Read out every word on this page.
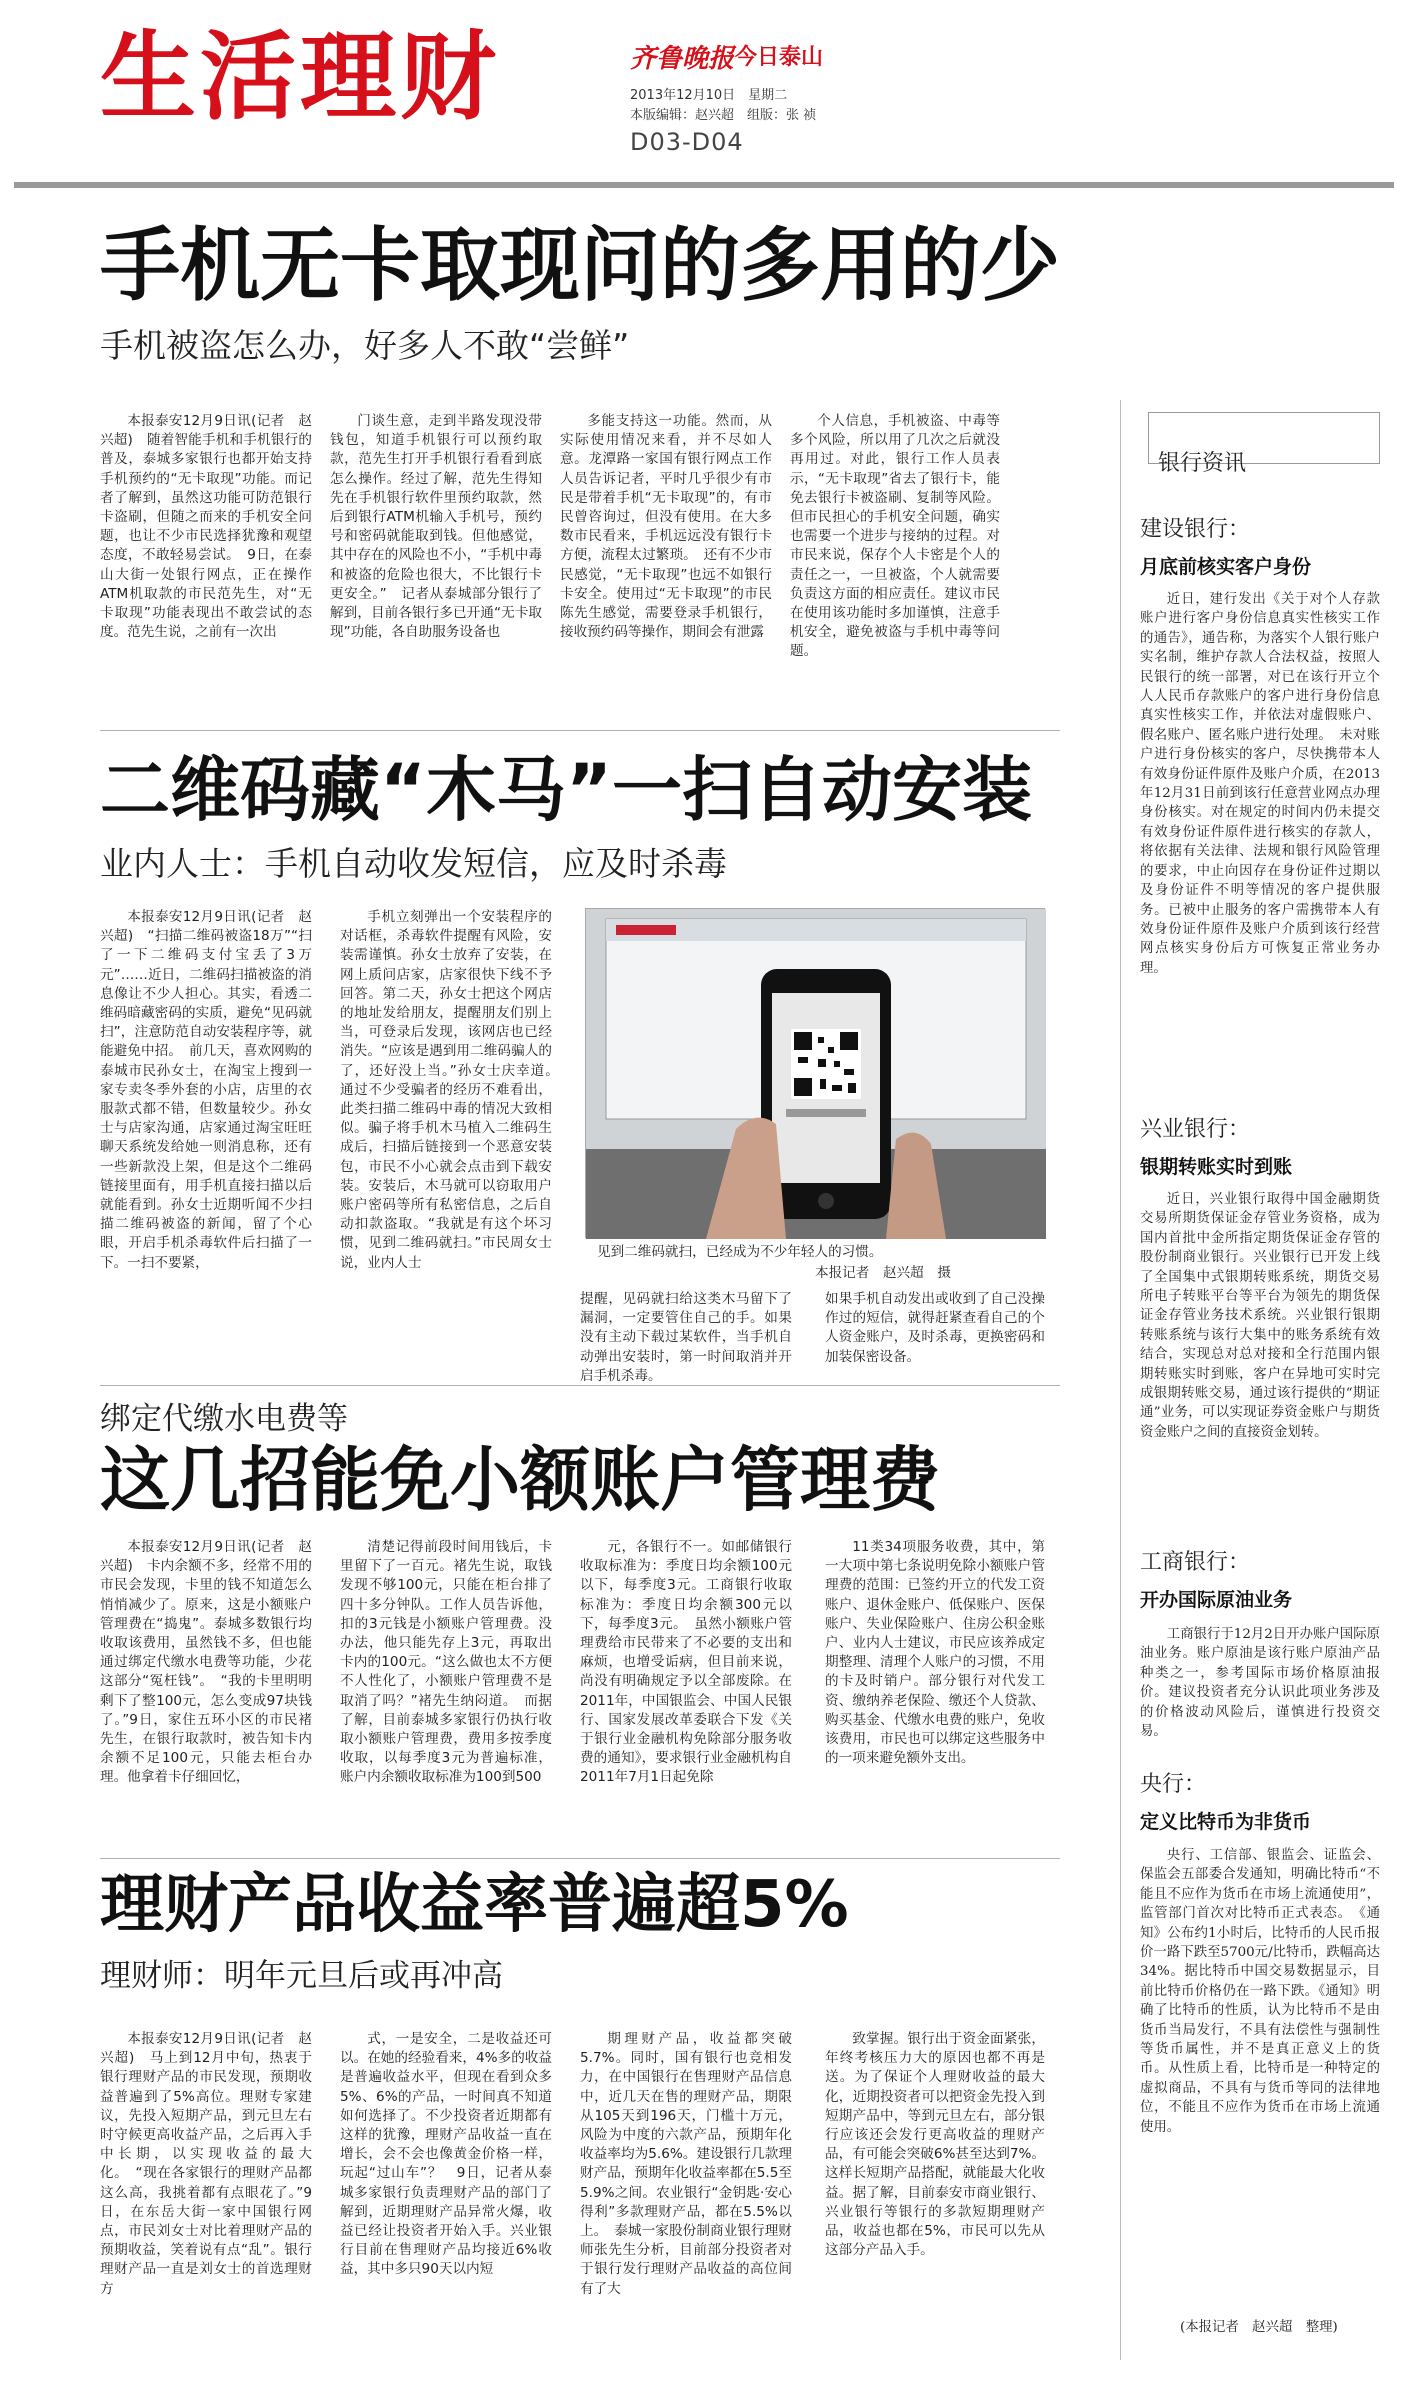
生活理财	齐鲁晚报 今日泰山
2013年12月10日　星期二
本版编辑：赵兴超　组版：张 祯
D03-D04
手机无卡取现问的多用的少
手机被盗怎么办，好多人不敢“尝鲜”

本报泰安12月9日讯(记者　赵兴超)　随着智能手机和手机银行的普及，泰城多家银行也都开始支持手机预约的“无卡取现”功能。而记者了解到，虽然这功能可防范银行卡盗刷，但随之而来的手机安全问题，也让不少市民选择犹豫和观望态度，不敢轻易尝试。　9日，在泰山大街一处银行网点，正在操作ATM机取款的市民范先生，对“无卡取现”功能表现出不敢尝试的态度。范先生说，之前有一次出

门谈生意，走到半路发现没带钱包，知道手机银行可以预约取款，范先生打开手机银行看看到底怎么操作。经过了解，范先生得知先在手机银行软件里预约取款，然后到银行ATM机输入手机号，预约号和密码就能取到钱。但他感觉，其中存在的风险也不小，“手机中毒和被盗的危险也很大，不比银行卡更安全。”　记者从泰城部分银行了解到，目前各银行多已开通“无卡取现”功能，各自助服务设备也

多能支持这一功能。然而，从实际使用情况来看，并不尽如人意。龙潭路一家国有银行网点工作人员告诉记者，平时几乎很少有市民是带着手机“无卡取现”的，有市民曾咨询过，但没有使用。在大多数市民看来，手机远远没有银行卡方便，流程太过繁琐。　还有不少市民感觉，“无卡取现”也远不如银行卡安全。使用过“无卡取现”的市民陈先生感觉，需要登录手机银行，接收预约码等操作，期间会有泄露

个人信息，手机被盗、中毒等多个风险，所以用了几次之后就没再用过。对此，银行工作人员表示，“无卡取现”省去了银行卡，能免去银行卡被盗刷、复制等风险。但市民担心的手机安全问题，确实也需要一个进步与接纳的过程。对市民来说，保存个人卡密是个人的责任之一，一旦被盗，个人就需要负责这方面的相应责任。建议市民在使用该功能时多加谨慎，注意手机安全，避免被盗与手机中毒等问题。

二维码藏“木马”一扫自动安装
业内人士：手机自动收发短信，应及时杀毒

本报泰安12月9日讯(记者　赵兴超)　“扫描二维码被盗18万”“扫了一下二维码支付宝丢了3万元”……近日，二维码扫描被盗的消息像让不少人担心。其实，看透二维码暗藏密码的实质，避免“见码就扫”，注意防范自动安装程序等，就能避免中招。　前几天，喜欢网购的泰城市民孙女士，在淘宝上搜到一家专卖冬季外套的小店，店里的衣服款式都不错，但数量较少。孙女士与店家沟通，店家通过淘宝旺旺聊天系统发给她一则消息称，还有一些新款没上架，但是这个二维码链接里面有，用手机直接扫描以后就能看到。孙女士近期听闻不少扫描二维码被盗的新闻，留了个心眼，开启手机杀毒软件后扫描了一下。一扫不要紧，

手机立刻弹出一个安装程序的对话框，杀毒软件提醒有风险，安装需谨慎。孙女士放弃了安装，在网上质问店家，店家很快下线不予回答。第二天，孙女士把这个网店的地址发给朋友，提醒朋友们别上当，可登录后发现，该网店也已经消失。“应该是遇到用二维码骗人的了，还好没上当。”孙女士庆幸道。　通过不少受骗者的经历不难看出，此类扫描二维码中毒的情况大致相似。骗子将手机木马植入二维码生成后，扫描后链接到一个恶意安装包，市民不小心就会点击到下载安装。安装后，木马就可以窃取用户账户密码等所有私密信息，之后自动扣款盗取。“我就是有这个坏习惯，见到二维码就扫。”市民周女士说，业内人士

见到二维码就扫，已经成为不少年轻人的习惯。
本报记者　赵兴超　摄

提醒，见码就扫给这类木马留下了漏洞，一定要管住自己的手。如果没有主动下载过某软件，当手机自动弹出安装时，第一时间取消并开启手机杀毒。

如果手机自动发出或收到了自己没操作过的短信，就得赶紧查看自己的个人资金账户，及时杀毒，更换密码和加装保密设备。

绑定代缴水电费等
这几招能免小额账户管理费

本报泰安12月9日讯(记者　赵兴超)　卡内余额不多，经常不用的市民会发现，卡里的钱不知道怎么悄悄减少了。原来，这是小额账户管理费在“捣鬼”。泰城多数银行均收取该费用，虽然钱不多，但也能通过绑定代缴水电费等功能，少花这部分“冤枉钱”。　“我的卡里明明剩下了整100元，怎么变成97块钱了。”9日，家住五环小区的市民褚先生，在银行取款时，被告知卡内余额不足100元，只能去柜台办理。他拿着卡仔细回忆，

清楚记得前段时间用钱后，卡里留下了一百元。褚先生说，取钱发现不够100元，只能在柜台排了四十多分钟队。工作人员告诉他，扣的3元钱是小额账户管理费。没办法，他只能先存上3元，再取出卡内的100元。“这么做也太不方便不人性化了，小额账户管理费不是取消了吗？”褚先生纳闷道。　而据了解，目前泰城多家银行仍执行收取小额账户管理费，费用多按季度收取，以每季度3元为普遍标准，账户内余额收取标准为100到500

元，各银行不一。如邮储银行收取标准为：季度日均余额100元以下，每季度3元。工商银行收取标准为：季度日均余额300元以下，每季度3元。　虽然小额账户管理费给市民带来了不必要的支出和麻烦，也增受诟病，但目前来说，尚没有明确规定予以全部废除。在2011年，中国银监会、中国人民银行、国家发展改革委联合下发《关于银行业金融机构免除部分服务收费的通知》，要求银行业金融机构自2011年7月1日起免除

11类34项服务收费，其中，第一大项中第七条说明免除小额账户管理费的范围：已签约开立的代发工资账户、退休金账户、低保账户、医保账户、失业保险账户、住房公积金账户、业内人士建议，市民应该养成定期整理、清理个人账户的习惯，不用的卡及时销户。部分银行对代发工资、缴纳养老保险、缴还个人贷款、购买基金、代缴水电费的账户，免收该费用，市民也可以绑定这些服务中的一项来避免额外支出。

理财产品收益率普遍超5%
理财师：明年元旦后或再冲高

本报泰安12月9日讯(记者　赵兴超)　马上到12月中旬，热衷于银行理财产品的市民发现，预期收益普遍到了5%高位。理财专家建议，先投入短期产品，到元旦左右时守候更高收益产品，之后再入手中长期，以实现收益的最大化。　“现在各家银行的理财产品都这么高，我挑着都有点眼花了。”9日，在东岳大街一家中国银行网点，市民刘女士对比着理财产品的预期收益，笑着说有点“乱”。银行理财产品一直是刘女士的首选理财方

式，一是安全，二是收益还可以。在她的经验看来，4%多的收益是普遍收益水平，但现在看到众多5%、6%的产品，一时间真不知道如何选择了。不少投资者近期都有这样的犹豫，理财产品收益一直在增长，会不会也像黄金价格一样，玩起“过山车”？　9日，记者从泰城多家银行负责理财产品的部门了解到，近期理财产品异常火爆，收益已经让投资者开始入手。兴业银行目前在售理财产品均接近6%收益，其中多只90天以内短

期理财产品，收益都突破5.7%。同时，国有银行也竞相发力，在中国银行在售理财产品信息中，近几天在售的理财产品，期限从105天到196天，门槛十万元，风险为中度的六款产品，预期年化收益率均为5.6%。建设银行几款理财产品，预期年化收益率都在5.5至5.9%之间。农业银行“金钥匙·安心得利”多款理财产品，都在5.5%以上。　泰城一家股份制商业银行理财师张先生分析，目前部分投资者对于银行发行理财产品收益的高位间有了大

致掌握。银行出于资金面紧张，年终考核压力大的原因也都不再是送。为了保证个人理财收益的最大化，近期投资者可以把资金先投入到短期产品中，等到元旦左右，部分银行应该还会发行更高收益的理财产品，有可能会突破6%甚至达到7%。这样长短期产品搭配，就能最大化收益。据了解，目前泰安市商业银行、兴业银行等银行的多款短期理财产品，收益也都在5%，市民可以先从这部分产品入手。

银行资讯
建设银行：
月底前核实客户身份

近日，建行发出《关于对个人存款账户进行客户身份信息真实性核实工作的通告》，通告称，为落实个人银行账户实名制，维护存款人合法权益，按照人民银行的统一部署，对已在该行开立个人人民币存款账户的客户进行身份信息真实性核实工作，并依法对虚假账户、假名账户、匿名账户进行处理。　未对账户进行身份核实的客户，尽快携带本人有效身份证件原件及账户介质，在2013年12月31日前到该行任意营业网点办理身份核实。对在规定的时间内仍未提交有效身份证件原件进行核实的存款人，将依据有关法律、法规和银行风险管理的要求，中止向因存在身份证件过期以及身份证件不明等情况的客户提供服务。已被中止服务的客户需携带本人有效身份证件原件及账户介质到该行经营网点核实身份后方可恢复正常业务办理。

兴业银行：
银期转账实时到账

近日，兴业银行取得中国金融期货交易所期货保证金存管业务资格，成为国内首批中金所指定期货保证金存管的股份制商业银行。兴业银行已开发上线了全国集中式银期转账系统，期货交易所电子转账平台等平台为领先的期货保证金存管业务技术系统。兴业银行银期转账系统与该行大集中的账务系统有效结合，实现总对总对接和全行范围内银期转账实时到账，客户在异地可实时完成银期转账交易，通过该行提供的“期证通”业务，可以实现证券资金账户与期货资金账户之间的直接资金划转。

工商银行：
开办国际原油业务

工商银行于12月2日开办账户国际原油业务。账户原油是该行账户原油产品种类之一，参考国际市场价格原油报价。建议投资者充分认识此项业务涉及的价格波动风险后，谨慎进行投资交易。

央行：
定义比特币为非货币

央行、工信部、银监会、证监会、保监会五部委合发通知，明确比特币“不能且不应作为货币在市场上流通使用”，监管部门首次对比特币正式表态。　《通知》公布约1小时后，比特币的人民币报价一路下跌至5700元/比特币，跌幅高达34%。据比特币中国交易数据显示，目前比特币价格仍在一路下跌。《通知》明确了比特币的性质，认为比特币不是由货币当局发行，不具有法偿性与强制性等货币属性，并不是真正意义上的货币。从性质上看，比特币是一种特定的虚拟商品，不具有与货币等同的法律地位，不能且不应作为货币在市场上流通使用。

(本报记者　赵兴超　整理)
